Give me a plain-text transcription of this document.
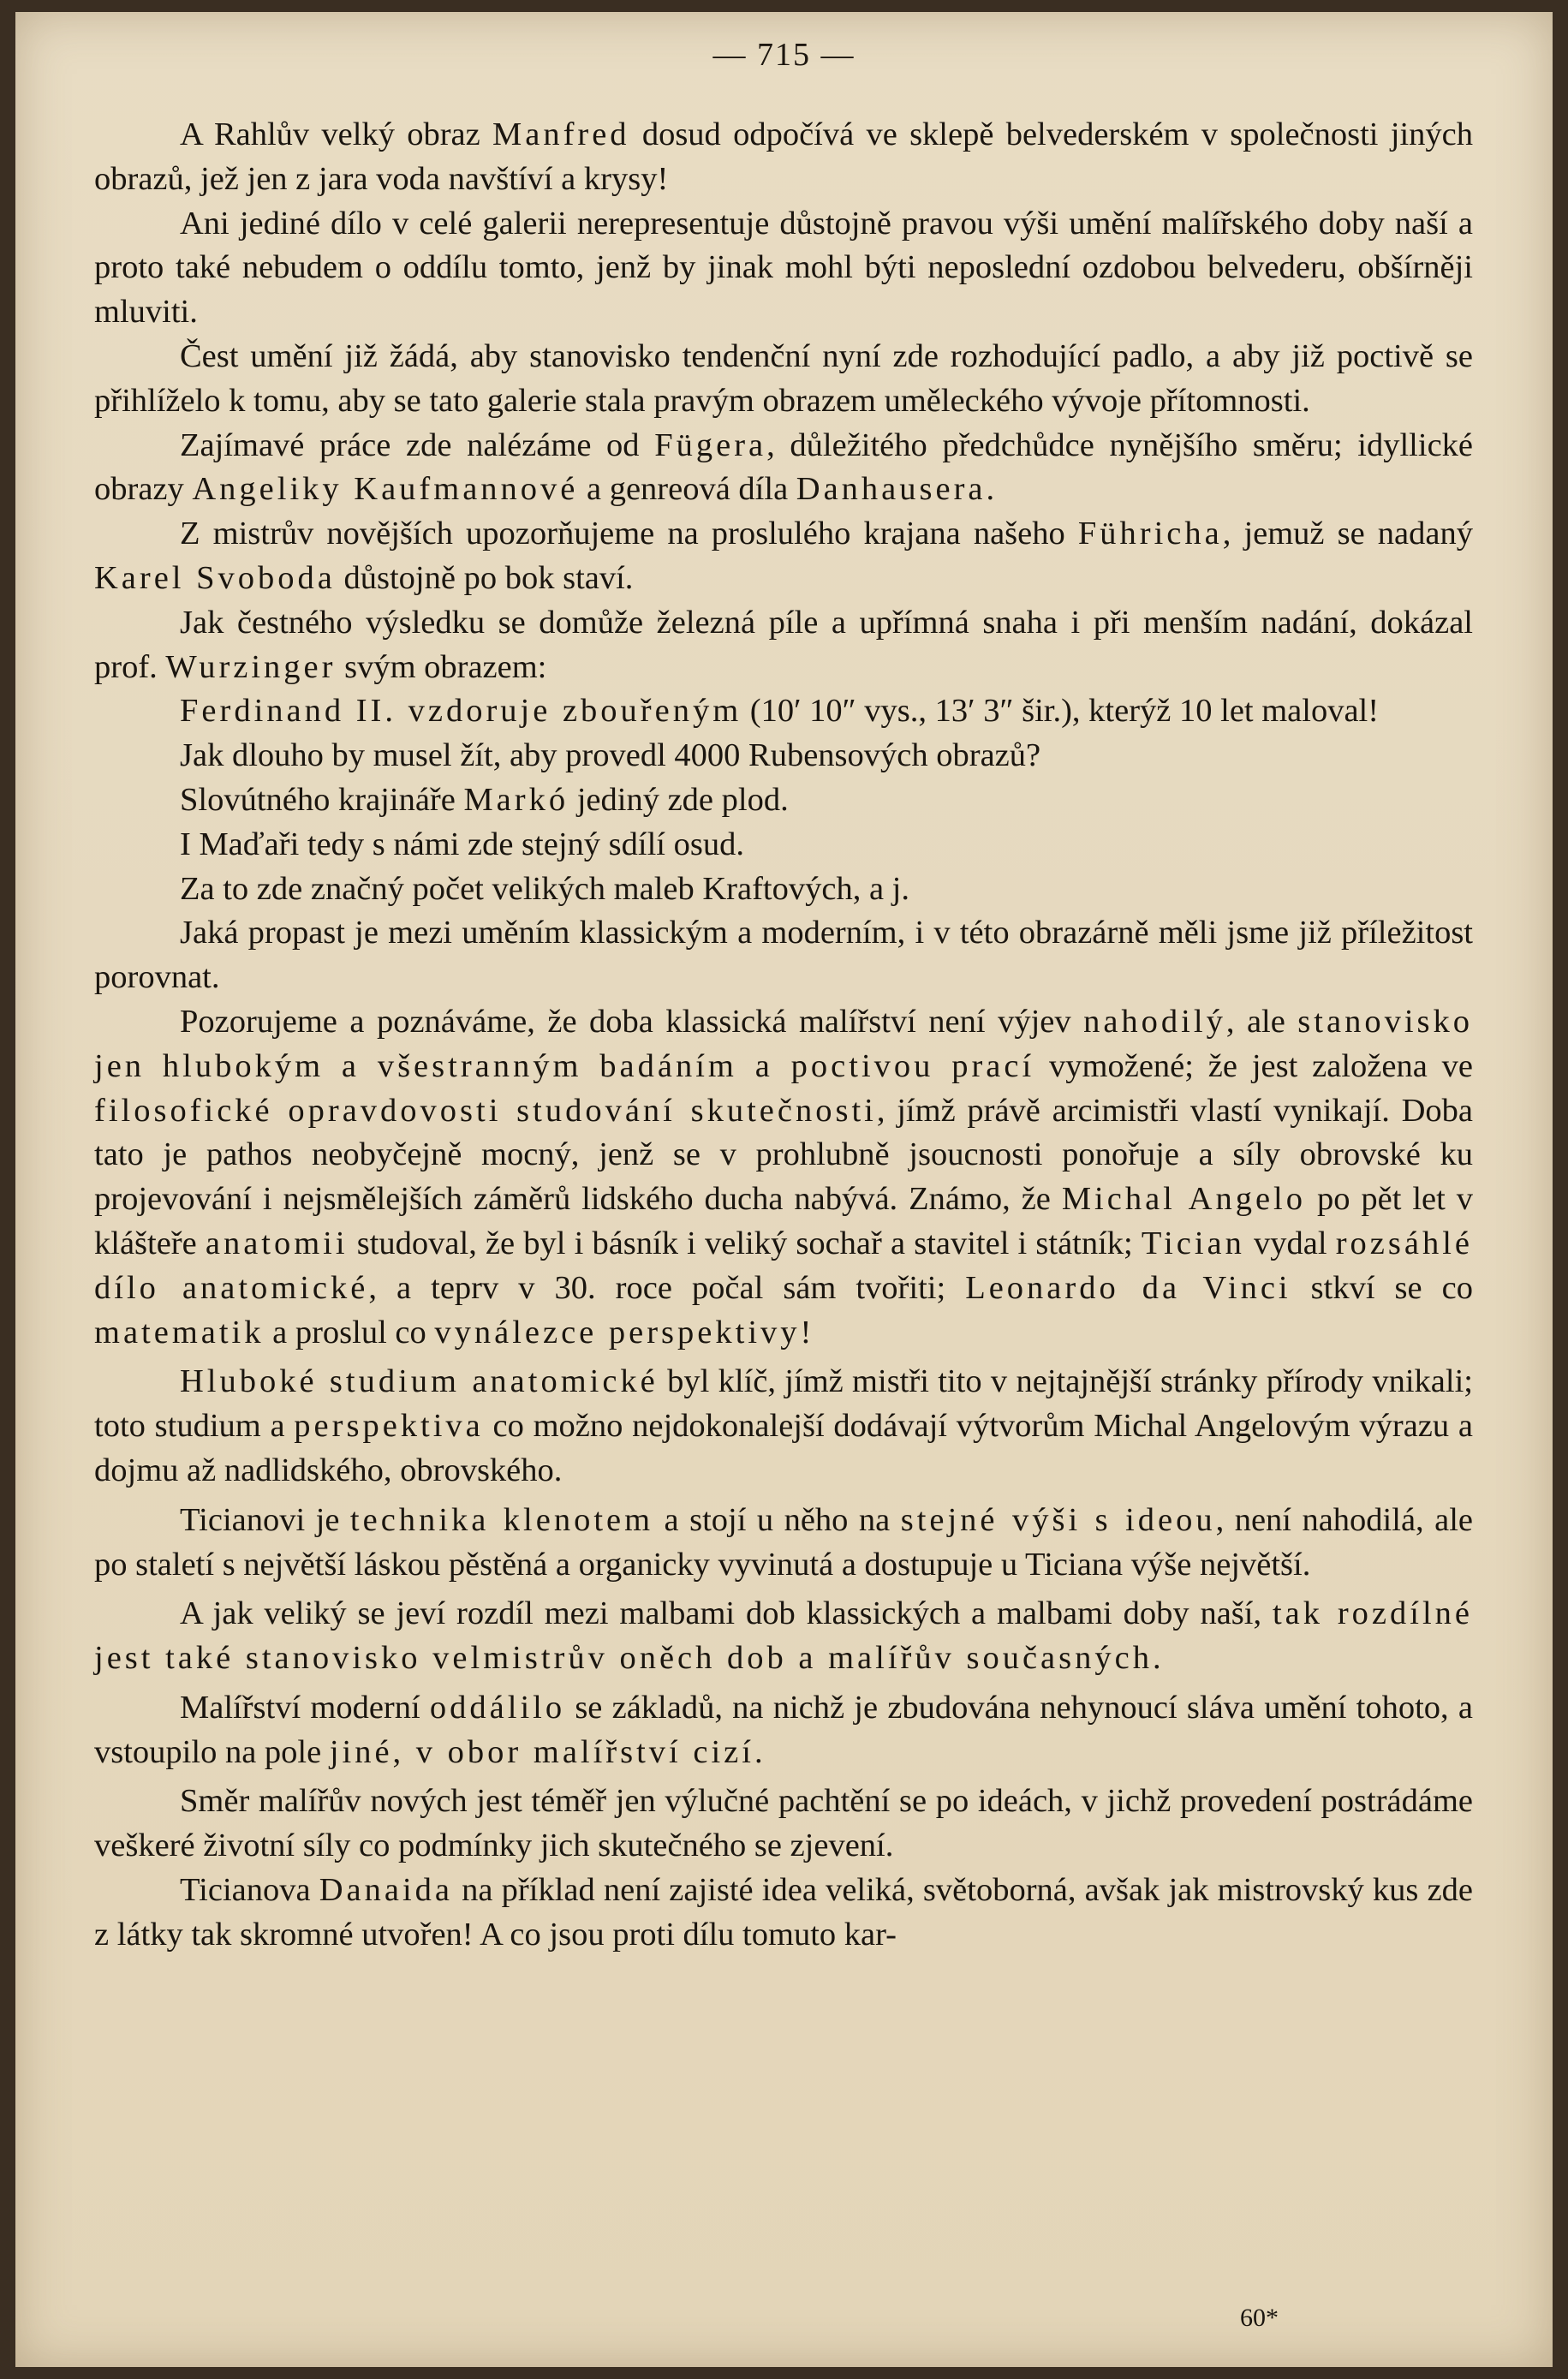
— 715 —

A Rahlův velký obraz Manfred dosud odpočívá ve sklepě belvederském v společnosti jiných obrazů, jež jen z jara voda navštíví a krysy!

Ani jediné dílo v celé galerii nerepresentuje důstojně pravou výši umění malířského doby naší a proto také nebudem o oddílu tomto, jenž by jinak mohl býti neposlední ozdobou belvederu, obšírněji mluviti.

Čest umění již žádá, aby stanovisko tendenční nyní zde rozhodující padlo, a aby již poctivě se přihlíželo k tomu, aby se tato galerie stala pravým obrazem uměleckého vývoje přítomnosti.

Zajímavé práce zde nalézáme od Fügera, důležitého předchůdce nynějšího směru; idyllické obrazy Angeliky Kaufmannové a genreová díla Danhausera.

Z mistrův novějších upozorňujeme na proslulého krajana našeho Führicha, jemuž se nadaný Karel Svoboda důstojně po bok staví.

Jak čestného výsledku se domůže železná píle a upřímná snaha i při menším nadání, dokázal prof. Wurzinger svým obrazem:

Ferdinand II. vzdoruje zbouřeným (10′ 10″ vys., 13′ 3″ šir.), kterýž 10 let maloval!

Jak dlouho by musel žít, aby provedl 4000 Rubensových obrazů?

Slovútného krajináře Markó jediný zde plod.

I Maďaři tedy s námi zde stejný sdílí osud.

Za to zde značný počet velikých maleb Kraftových, a j.

Jaká propast je mezi uměním klassickým a moderním, i v této obrazárně měli jsme již příležitost porovnat.

Pozorujeme a poznáváme, že doba klassická malířství není výjev nahodilý, ale stanovisko jen hlubokým a všestranným badáním a poctivou prací vymožené; že jest založena ve filosofické opravdovosti studování skutečnosti, jímž právě arcimistři vlastí vynikají. Doba tato je pathos neobyčejně mocný, jenž se v prohlubně jsoucnosti ponořuje a síly obrovské ku projevování i nejsmělejších záměrů lidského ducha nabývá. Známo, že Michal Angelo po pět let v klášteře anatomii studoval, že byl i básník i veliký sochař a stavitel i státník; Tician vydal rozsáhlé dílo anatomické, a teprv v 30. roce počal sám tvořiti; Leonardo da Vinci stkví se co matematik a proslul co vynálezce perspektivy!

Hluboké studium anatomické byl klíč, jímž mistři tito v nejtajnější stránky přírody vnikali; toto studium a perspektiva co možno nejdokonalejší dodávají výtvorům Michal Angelovým výrazu a dojmu až nadlidského, obrovského.

Ticianovi je technika klenotem a stojí u něho na stejné výši s ideou, není nahodilá, ale po staletí s největší láskou pěstěná a organicky vyvinutá a dostupuje u Ticiana výše největší.

A jak veliký se jeví rozdíl mezi malbami dob klassických a malbami doby naší, tak rozdílné jest také stanovisko velmistrův oněch dob a malířův současných.

Malířství moderní oddálilo se základů, na nichž je zbudována nehynoucí sláva umění tohoto, a vstoupilo na pole jiné, v obor malířství cizí.

Směr malířův nových jest téměř jen výlučné pachtění se po ideách, v jichž provedení postrádáme veškeré životní síly co podmínky jich skutečného se zjevení.

Ticianova Danaida na příklad není zajisté idea veliká, světoborná, avšak jak mistrovský kus zde z látky tak skromné utvořen! A co jsou proti dílu tomuto kar-

60*
